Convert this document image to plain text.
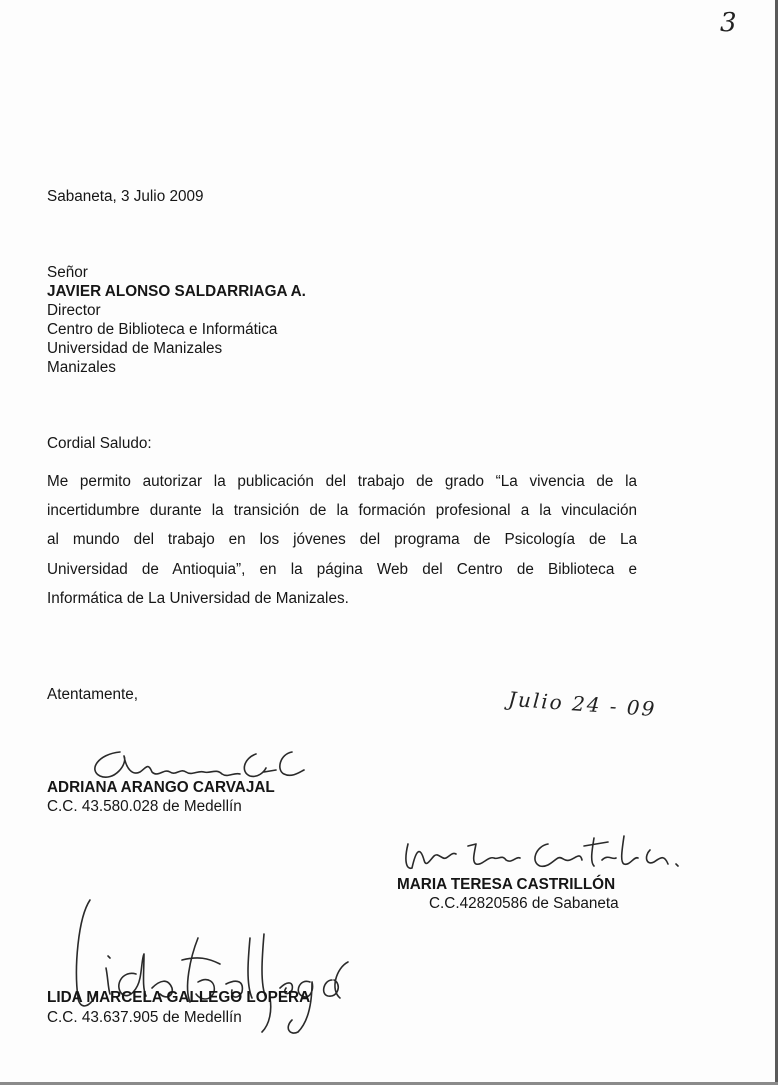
3
Sabaneta, 3 Julio 2009
Señor
JAVIER ALONSO SALDARRIAGA A.
Director
Centro de Biblioteca e Informática
Universidad de Manizales
Manizales
Cordial Saludo:
Me permito autorizar la publicación del trabajo de grado “La vivencia de la
incertidumbre durante la transición de la formación profesional a la vinculación
al mundo del trabajo en los jóvenes del programa de Psicología de La
Universidad de Antioquia”, en la página Web del Centro de Biblioteca e
Informática de La Universidad de Manizales.
Atentamente,	Julio 24 - 09
ADRIANA ARANGO CARVAJAL
C.C. 43.580.028 de Medellín
MARIA TERESA CASTRILLÓN
C.C.42820586 de Sabaneta
LIDA MARCELA GALLEGO LOPERA
C.C. 43.637.905 de Medellín
